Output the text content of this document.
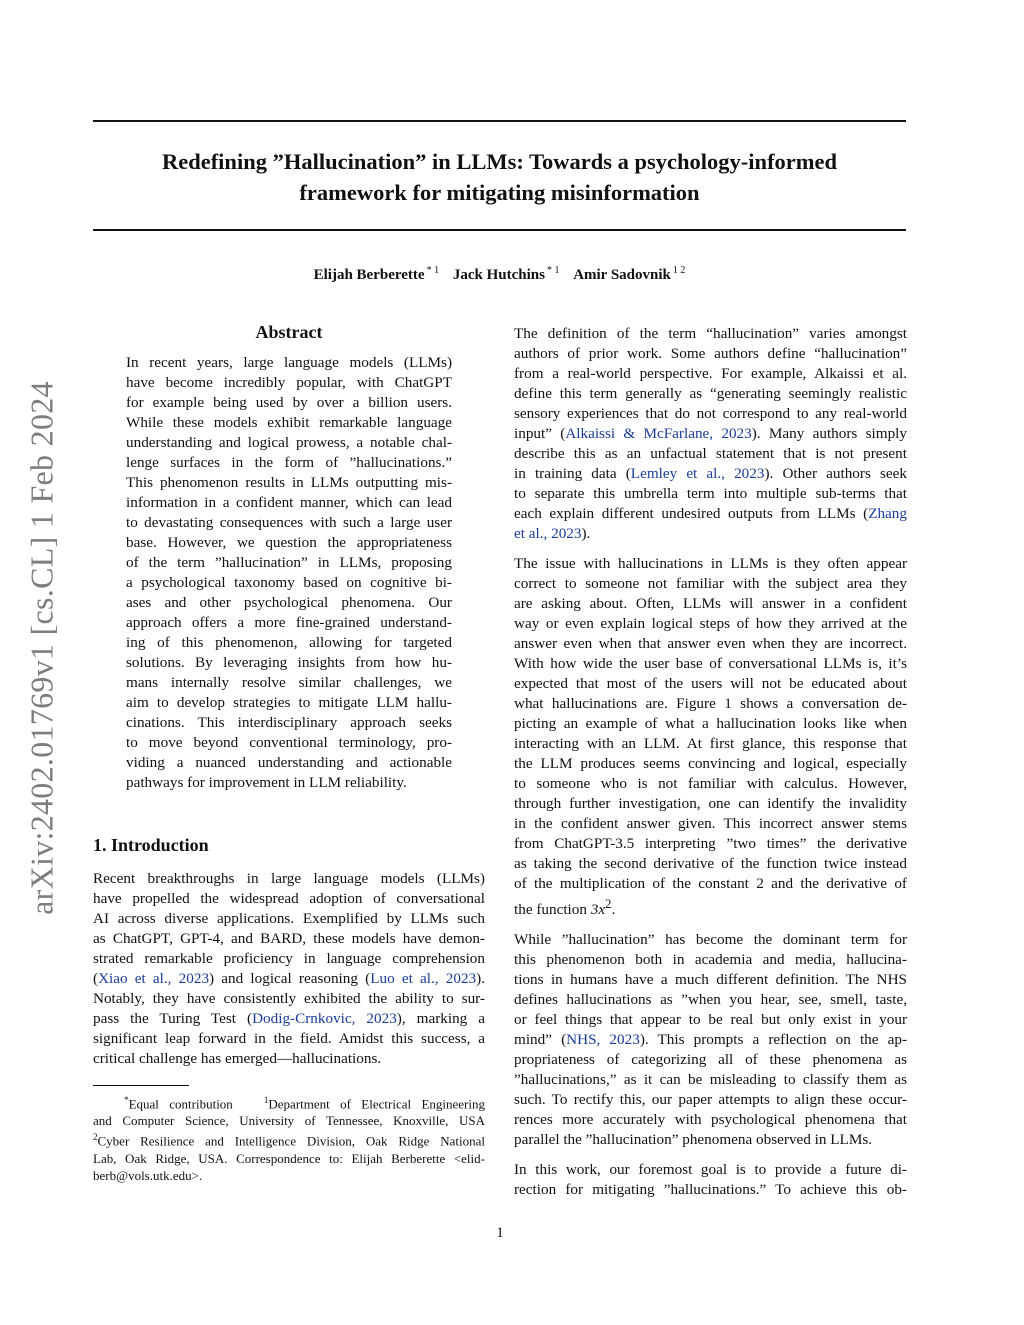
Redefining ”Hallucination” in LLMs: Towards a psychology-informed
framework for mitigating misinformation
Elijah Berberette $^{* 1}$ Jack Hutchins $^{* 1}$ Amir Sadovnik $^{1 2}$
arXiv:2402.01769v1 [cs.CL] 1 Feb 2024
Abstract
In recent years, large language models (LLMs)
have become incredibly popular, with ChatGPT
for example being used by over a billion users.
While these models exhibit remarkable language
understanding and logical prowess, a notable chal-
lenge surfaces in the form of ”hallucinations.”
This phenomenon results in LLMs outputting mis-
information in a confident manner, which can lead
to devastating consequences with such a large user
base. However, we question the appropriateness
of the term ”hallucination” in LLMs, proposing
a psychological taxonomy based on cognitive bi-
ases and other psychological phenomena. Our
approach offers a more fine-grained understand-
ing of this phenomenon, allowing for targeted
solutions. By leveraging insights from how hu-
mans internally resolve similar challenges, we
aim to develop strategies to mitigate LLM hallu-
cinations. This interdisciplinary approach seeks
to move beyond conventional terminology, pro-
viding a nuanced understanding and actionable
pathways for improvement in LLM reliability.
1. Introduction
Recent breakthroughs in large language models (LLMs)
have propelled the widespread adoption of conversational
AI across diverse applications. Exemplified by LLMs such
as ChatGPT, GPT-4, and BARD, these models have demon-
strated remarkable proficiency in language comprehension
(Xiao et al., 2023) and logical reasoning (Luo et al., 2023).
Notably, they have consistently exhibited the ability to sur-
pass the Turing Test (Dodig-Crnkovic, 2023), marking a
significant leap forward in the field. Amidst this success, a
critical challenge has emerged—hallucinations.
*Equal contribution	$^1$Department of Electrical Engineering
and Computer Science, University of Tennessee, Knoxville, USA
$^2$Cyber Resilience and Intelligence Division, Oak Ridge National
Lab, Oak Ridge, USA. Correspondence to: Elijah Berberette <elid-
berb@vols.utk.edu>.
The definition of the term “hallucination” varies amongst
authors of prior work. Some authors define “hallucination”
from a real-world perspective. For example, Alkaissi et al.
define this term generally as “generating seemingly realistic
sensory experiences that do not correspond to any real-world
input” (Alkaissi & McFarlane, 2023). Many authors simply
describe this as an unfactual statement that is not present
in training data (Lemley et al., 2023). Other authors seek
to separate this umbrella term into multiple sub-terms that
each explain different undesired outputs from LLMs (Zhang
et al., 2023).
The issue with hallucinations in LLMs is they often appear
correct to someone not familiar with the subject area they
are asking about. Often, LLMs will answer in a confident
way or even explain logical steps of how they arrived at the
answer even when that answer even when they are incorrect.
With how wide the user base of conversational LLMs is, it’s
expected that most of the users will not be educated about
what hallucinations are. Figure 1 shows a conversation de-
picting an example of what a hallucination looks like when
interacting with an LLM. At first glance, this response that
the LLM produces seems convincing and logical, especially
to someone who is not familiar with calculus. However,
through further investigation, one can identify the invalidity
in the confident answer given. This incorrect answer stems
from ChatGPT-3.5 interpreting ”two times” the derivative
as taking the second derivative of the function twice instead
of the multiplication of the constant 2 and the derivative of
the function $3x^2$.
While ”hallucination” has become the dominant term for
this phenomenon both in academia and media, hallucina-
tions in humans have a much different definition. The NHS
defines hallucinations as ”when you hear, see, smell, taste,
or feel things that appear to be real but only exist in your
mind” (NHS, 2023). This prompts a reflection on the ap-
propriateness of categorizing all of these phenomena as
”hallucinations,” as it can be misleading to classify them as
such. To rectify this, our paper attempts to align these occur-
rences more accurately with psychological phenomena that
parallel the ”hallucination” phenomena observed in LLMs.
In this work, our foremost goal is to provide a future di-
rection for mitigating ”hallucinations.” To achieve this ob-
1
